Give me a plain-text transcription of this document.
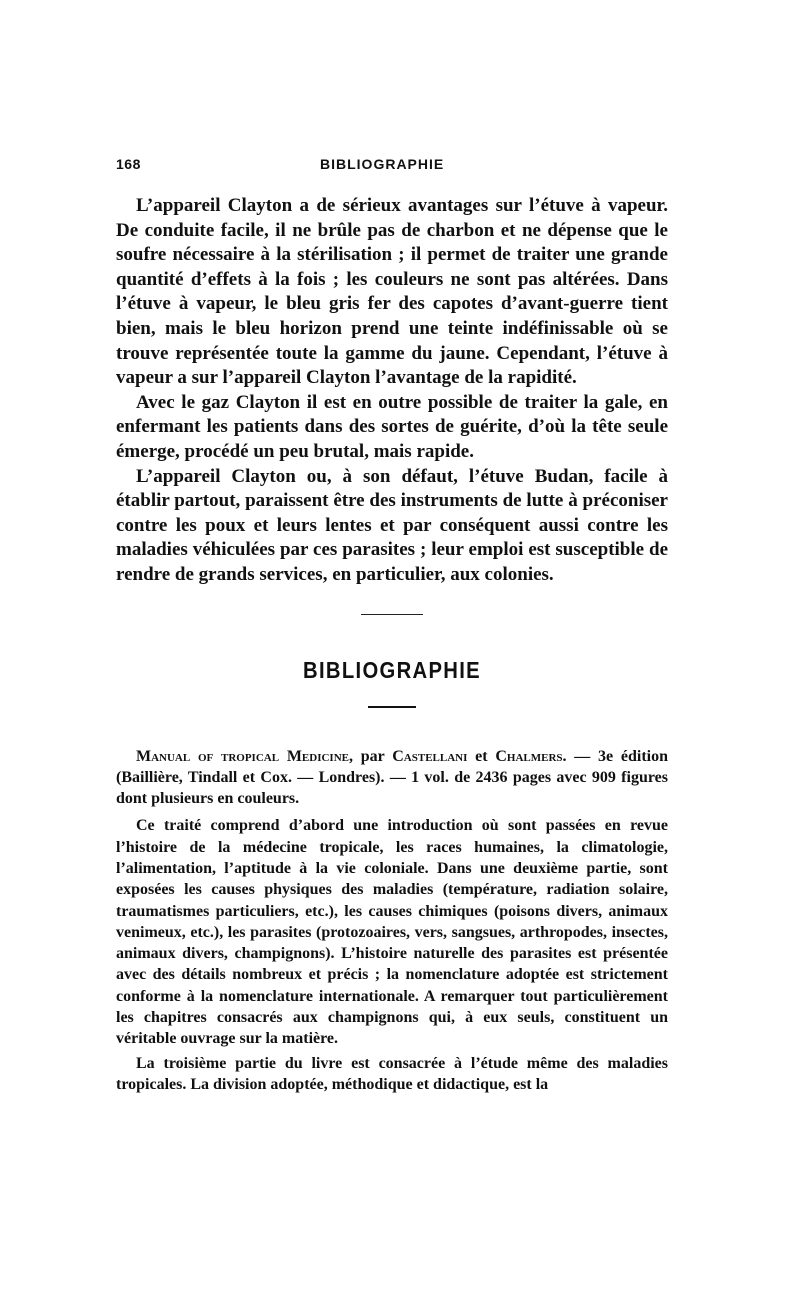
168	BIBLIOGRAPHIE

L’appareil Clayton a de sérieux avantages sur l’étuve à vapeur. De conduite facile, il ne brûle pas de charbon et ne dépense que le soufre nécessaire à la stérilisation ; il permet de traiter une grande quantité d’effets à la fois ; les couleurs ne sont pas altérées. Dans l’étuve à vapeur, le bleu gris fer des capotes d’avant-guerre tient bien, mais le bleu horizon prend une teinte indéfinissable où se trouve représentée toute la gamme du jaune. Cependant, l’étuve à vapeur a sur l’appareil Clayton l’avantage de la rapidité.

Avec le gaz Clayton il est en outre possible de traiter la gale, en enfermant les patients dans des sortes de guérite, d’où la tête seule émerge, procédé un peu brutal, mais rapide.

L’appareil Clayton ou, à son défaut, l’étuve Budan, facile à établir partout, paraissent être des instruments de lutte à préconiser contre les poux et leurs lentes et par conséquent aussi contre les maladies véhiculées par ces parasites ; leur emploi est susceptible de rendre de grands services, en particulier, aux colonies.

BIBLIOGRAPHIE

Manual of tropical Medicine, par Castellani et Chalmers. — 3e édition (Baillière, Tindall et Cox. — Londres). — 1 vol. de 2436 pages avec 909 figures dont plusieurs en couleurs.

Ce traité comprend d’abord une introduction où sont passées en revue l’histoire de la médecine tropicale, les races humaines, la climatologie, l’alimentation, l’aptitude à la vie coloniale. Dans une deuxième partie, sont exposées les causes physiques des maladies (température, radiation solaire, traumatismes particuliers, etc.), les causes chimiques (poisons divers, animaux venimeux, etc.), les parasites (protozoaires, vers, sangsues, arthropodes, insectes, animaux divers, champignons). L’histoire naturelle des parasites est présentée avec des détails nombreux et précis ; la nomenclature adoptée est strictement conforme à la nomenclature internationale. A remarquer tout particulièrement les chapitres consacrés aux champignons qui, à eux seuls, constituent un véritable ouvrage sur la matière.

La troisième partie du livre est consacrée à l’étude même des maladies tropicales. La division adoptée, méthodique et didactique, est la
